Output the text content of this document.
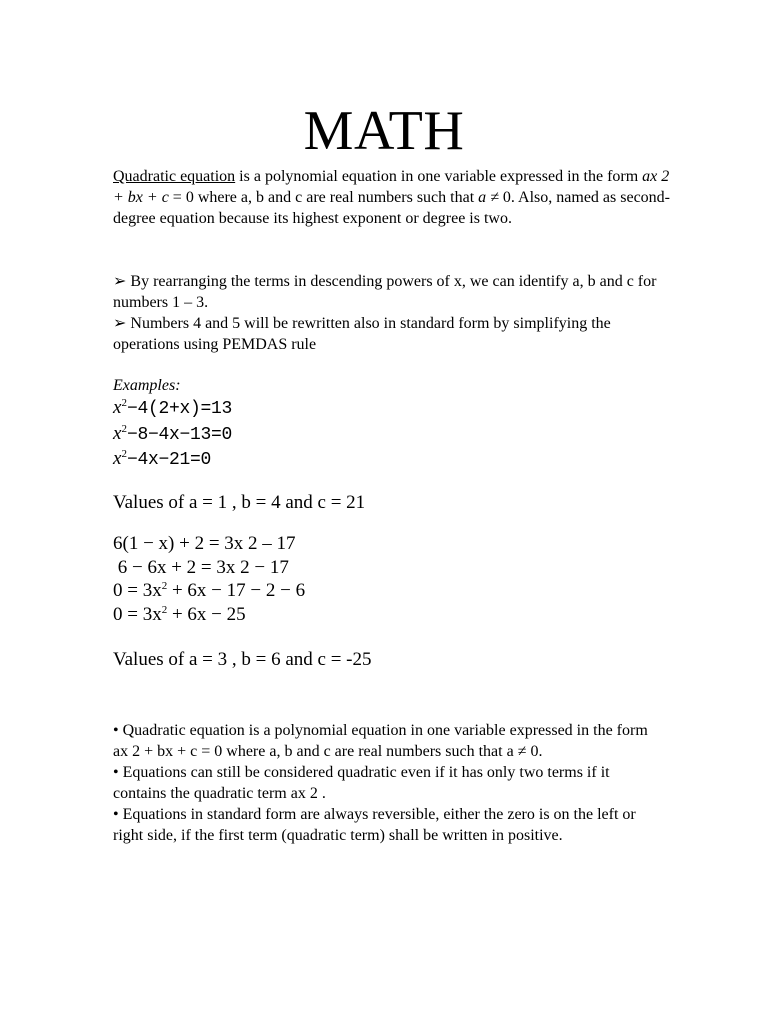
MATH
Quadratic equation is a polynomial equation in one variable expressed in the form ax 2 + bx + c = 0 where a, b and c are real numbers such that a ≠ 0. Also, named as second-degree equation because its highest exponent or degree is two.
➢ By rearranging the terms in descending powers of x, we can identify a, b and c for numbers 1 – 3.
➢ Numbers 4 and 5 will be rewritten also in standard form by simplifying the operations using PEMDAS rule
Examples:
$x^2-4(2+x)=13$
$x^2-8-4x-13=0$
$x^2-4x-21=0$
Values of a = 1 , b = 4 and c = 21
6(1 − x) + 2 = 3x 2 – 17
6 − 6x + 2 = 3x 2 − 17
$0 = 3x^2 + 6x - 17 - 2 - 6$
$0 = 3x^2 + 6x - 25$
Values of a = 3 , b = 6 and c = -25
• Quadratic equation is a polynomial equation in one variable expressed in the form ax 2 + bx + c = 0 where a, b and c are real numbers such that a ≠ 0.
• Equations can still be considered quadratic even if it has only two terms if it contains the quadratic term ax 2 .
• Equations in standard form are always reversible, either the zero is on the left or right side, if the first term (quadratic term) shall be written in positive.
